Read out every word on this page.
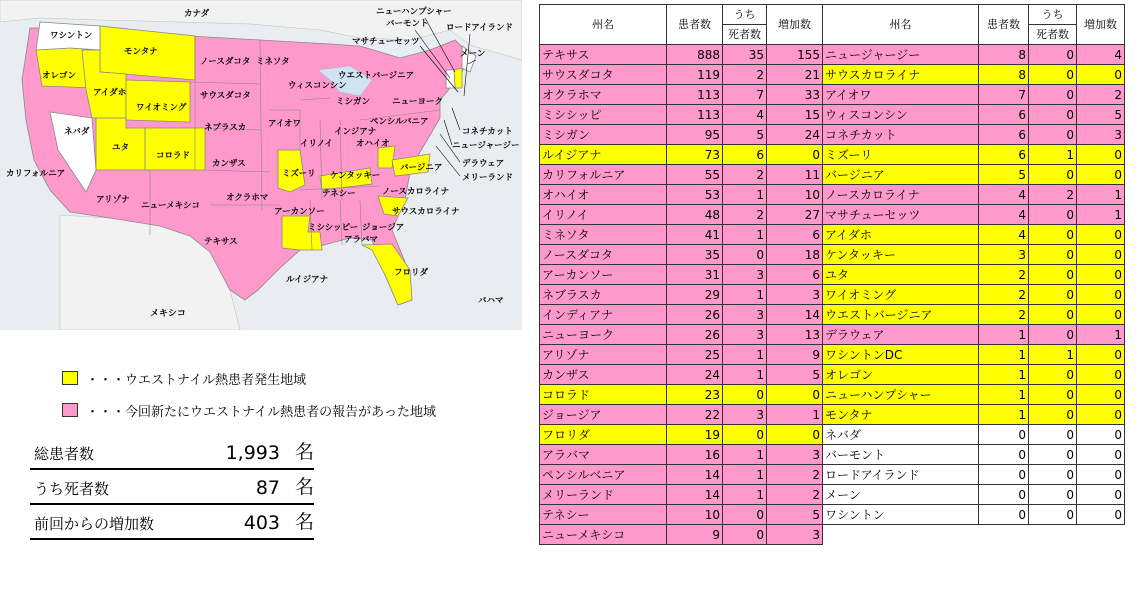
カナダ
メキシコ
バハマ
ワシントン
モンタナ
オレゴン
アイダホ
ワイオミング
ネバダ
ユタ
コロラド
カリフォルニア
アリゾナ
ニューメキシコ
ノースダコタ
サウスダコタ
ネブラスカ
カンザス
オクラホマ
テキサス
ミネソタ
アイオワ
ミズーリ
アーカンソー
ルイジアナ
ウィスコンシン
イリノイ
ミシガン
インジアナ
オハイオ
ケンタッキー
テネシー
ミシシッピー
アラバマ
ジョージア
フロリダ
サウスカロライナ
ノースカロライナ
バージニア
ウエストバージニア
ペンシルバニア
ニューヨーク
バーモント
ニューハンプシャー
マサチューセッツ
ロードアイランド
メーン
コネチカット
ニュージャージー
デラウェア
メリーランド
・・・ウエストナイル熱患者発生地域
・・・今回新たにウエストナイル熱患者の報告があった地域
総患者数	1,993 名
うち死者数	87 名
前回からの増加数	403 名
州名	患者数	うち	増加数	州名	患者数	うち	増加数
		死者数				死者数	
テキサス	888	35	155	ニュージャージー	8	0	4
サウスダコタ	119	2	21	サウスカロライナ	8	0	0
オクラホマ	113	7	33	アイオワ	7	0	2
ミシシッピ	113	4	15	ウィスコンシン	6	0	5
ミシガン	95	5	24	コネチカット	6	0	3
ルイジアナ	73	6	0	ミズーリ	6	1	0
カリフォルニア	55	2	11	バージニア	5	0	0
オハイオ	53	1	10	ノースカロライナ	4	2	1
イリノイ	48	2	27	マサチューセッツ	4	0	1
ミネソタ	41	1	6	アイダホ	4	0	0
ノースダコタ	35	0	18	ケンタッキー	3	0	0
アーカンソー	31	3	6	ユタ	2	0	0
ネブラスカ	29	1	3	ワイオミング	2	0	0
インディアナ	26	3	14	ウエストバージニア	2	0	0
ニューヨーク	26	3	13	デラウェア	1	0	1
アリゾナ	25	1	9	ワシントンDC	1	1	0
カンザス	24	1	5	オレゴン	1	0	0
コロラド	23	0	0	ニューハンプシャー	1	0	0
ジョージア	22	3	1	モンタナ	1	0	0
フロリダ	19	0	0	ネバダ	0	0	0
アラバマ	16	1	3	バーモント	0	0	0
ペンシルベニア	14	1	2	ロードアイランド	0	0	0
メリーランド	14	1	2	メーン	0	0	0
テネシー	10	0	5	ワシントン	0	0	0
ニューメキシコ	9	0	3				
